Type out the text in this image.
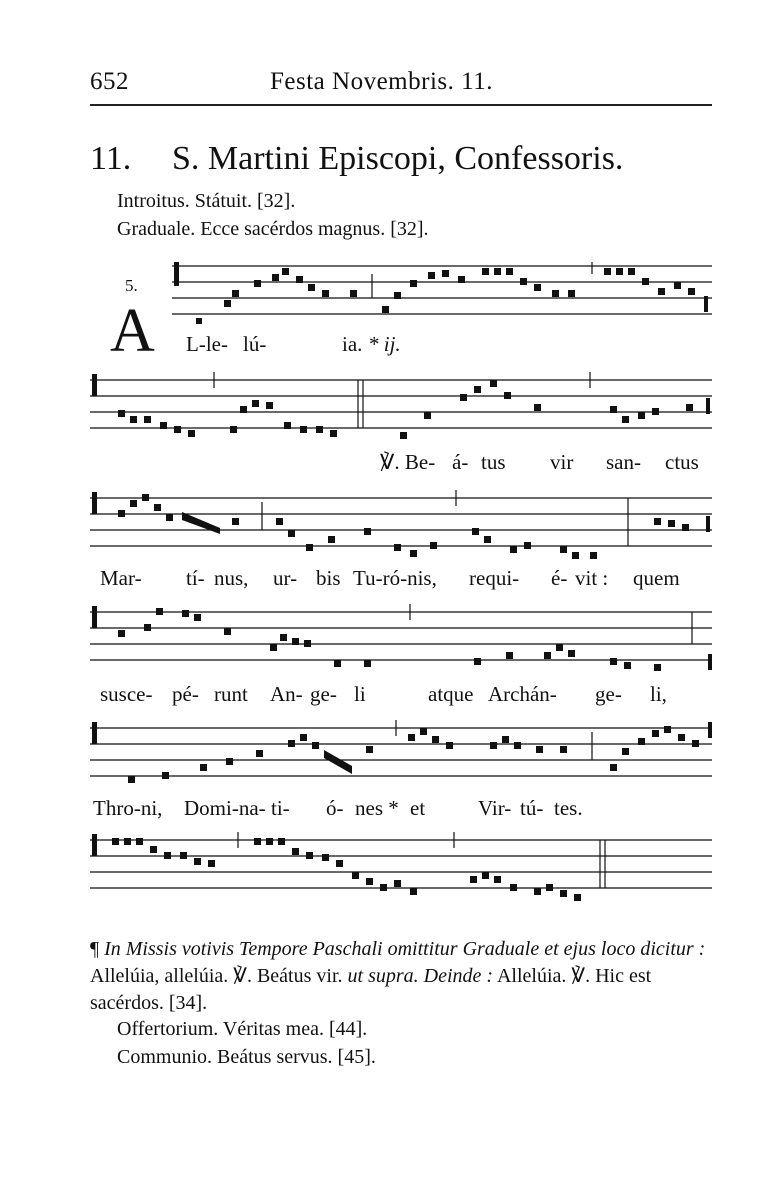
652	Festa Novembris. 11.
11. S. Martini Episcopi, Confessoris.
Introitus. Státuit. [32].
Graduale. Ecce sacérdos magnus. [32].
5.
A L-le- lú-	ia. * ij.
℣. Be- á- tus vir san- ctus
Mar- tí- nus, ur- bis Tu-ró-nis, requi- é- vit : quem
susce- pé- runt An- ge- li	atque Archán- ge- li,
Thro-ni, Domi-na- ti- ó- nes * et	Vir- tú- tes.
¶ In Missis votivis Tempore Paschali omittitur Graduale et ejus loco dicitur : Allelúia, allelúia. ℣. Beátus vir. ut supra. Deinde : Allelúia. ℣. Hic est sacérdos. [34].
Offertorium. Véritas mea. [44].
Communio. Beátus servus. [45].
